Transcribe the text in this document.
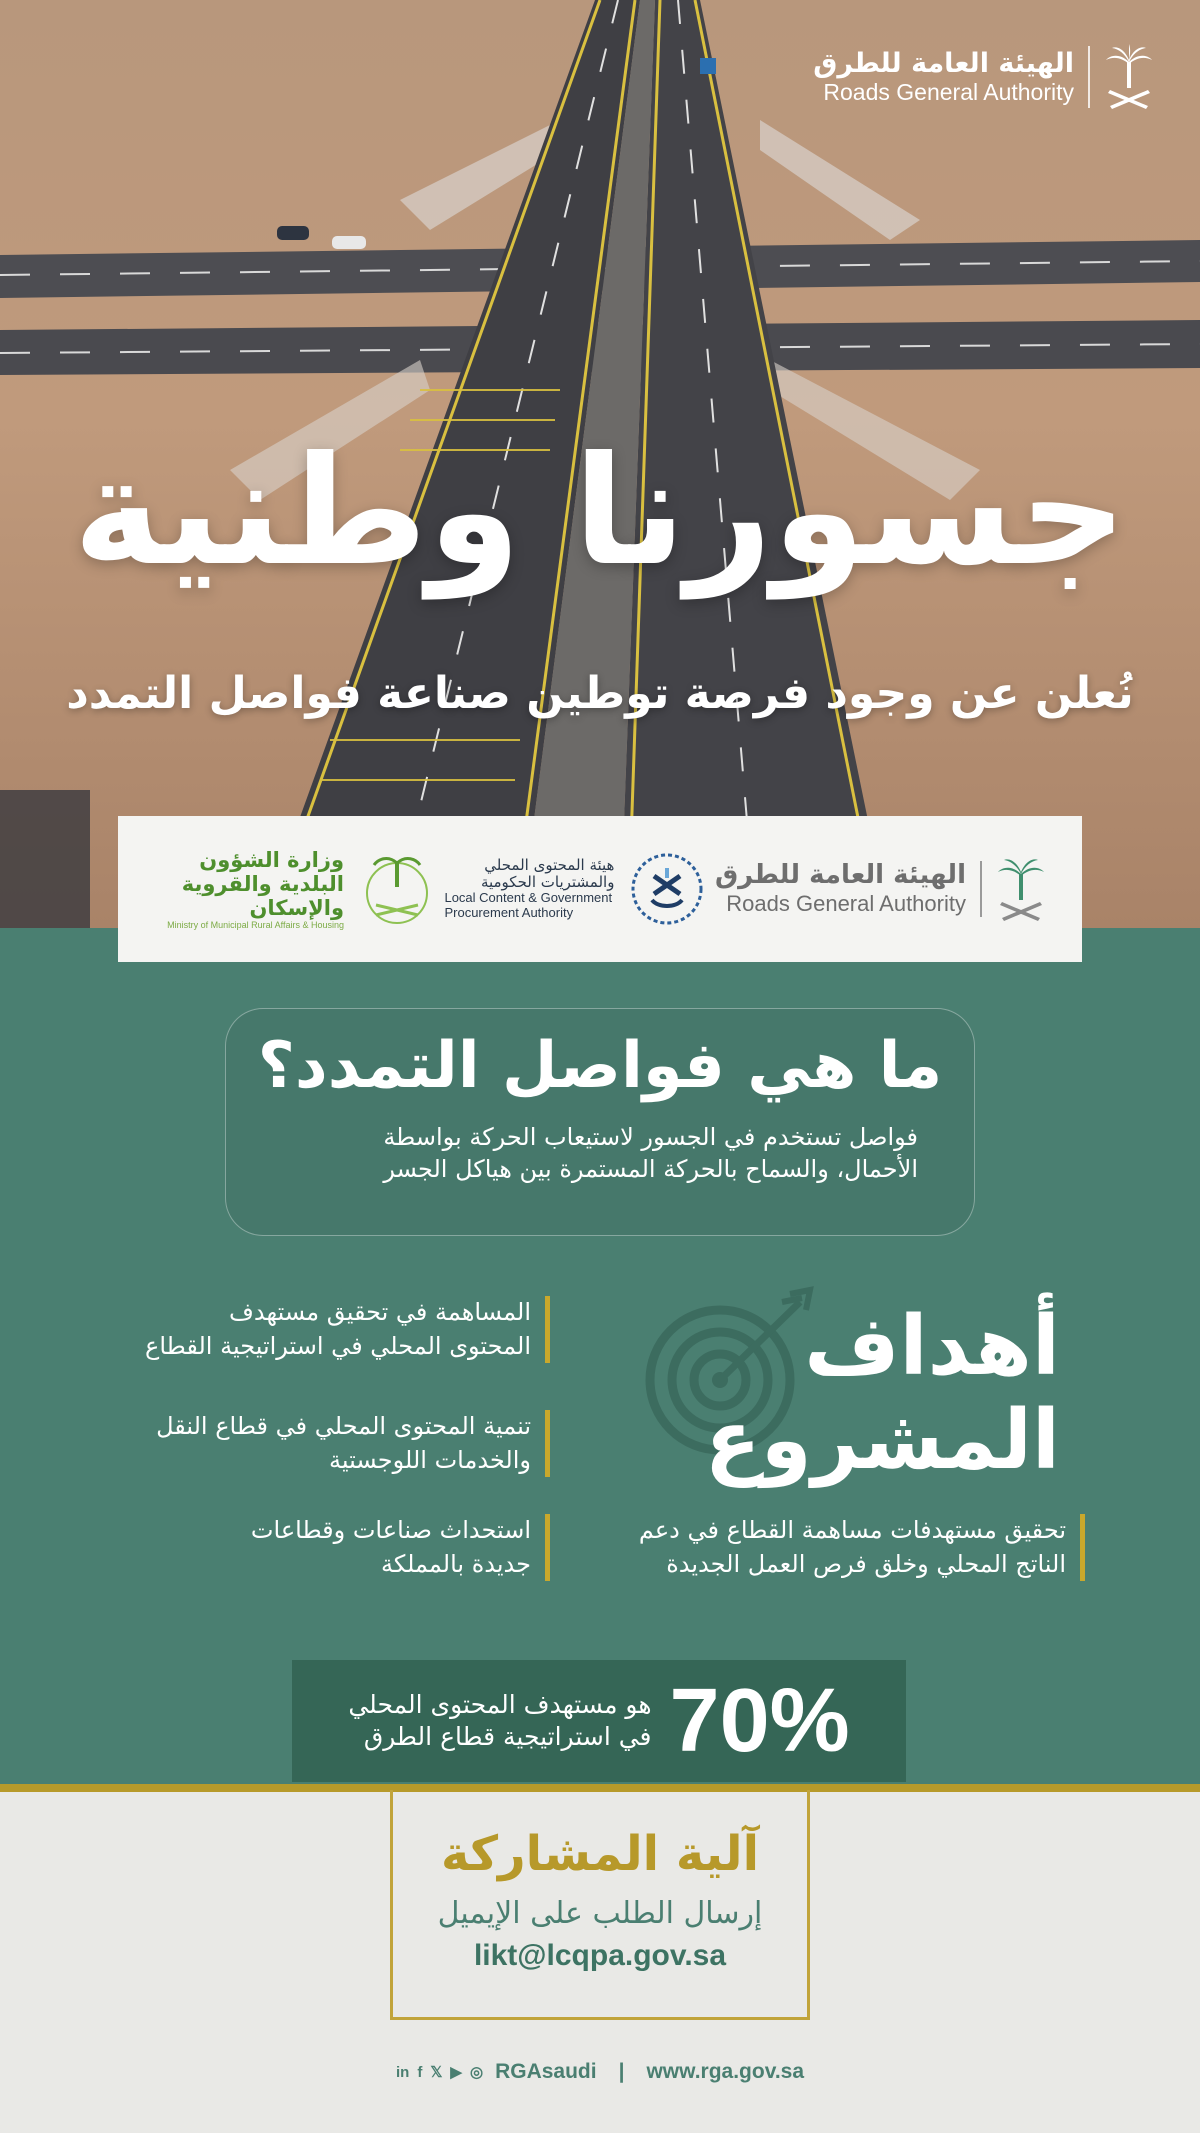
الهيئة العامة للطرق
Roads General Authority
جسورنا وطنية
نُعلن عن وجود فرصة توطين صناعة فواصل التمدد
وزارة الشؤون البلدية والقروية والإسكان
Ministry of Municipal Rural Affairs & Housing
هيئة المحتوى المحلي والمشتريات الحكومية
Local Content & Government Procurement Authority
الهيئة العامة للطرق
Roads General Authority
ما هي فواصل التمدد؟
فواصل تستخدم في الجسور لاستيعاب الحركة بواسطة
الأحمال، والسماح بالحركة المستمرة بين هياكل الجسر
أهداف
المشروع
المساهمة في تحقيق مستهدف
المحتوى المحلي في استراتيجية القطاع
تنمية المحتوى المحلي في قطاع النقل
والخدمات اللوجستية
استحداث صناعات وقطاعات
جديدة بالمملكة
تحقيق مستهدفات مساهمة القطاع في دعم
الناتج المحلي وخلق فرص العمل الجديدة
هو مستهدف المحتوى المحلي
في استراتيجية قطاع الطرق 70%
آلية المشاركة
إرسال الطلب على الإيميل
likt@lcqpa.gov.sa
in f 𝕏 ▶ ◎ RGAsaudi | www.rga.gov.sa
